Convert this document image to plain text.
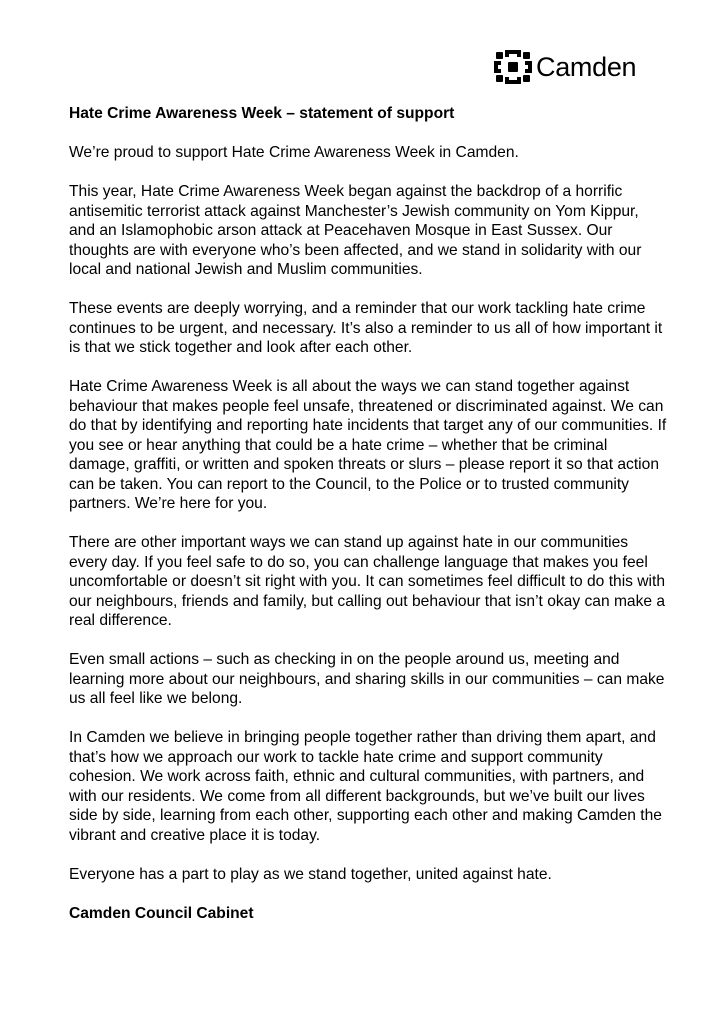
Camden

Hate Crime Awareness Week – statement of support

We’re proud to support Hate Crime Awareness Week in Camden.

This year, Hate Crime Awareness Week began against the backdrop of a horrific antisemitic terrorist attack against Manchester’s Jewish community on Yom Kippur, and an Islamophobic arson attack at Peacehaven Mosque in East Sussex. Our thoughts are with everyone who’s been affected, and we stand in solidarity with our local and national Jewish and Muslim communities.

These events are deeply worrying, and a reminder that our work tackling hate crime continues to be urgent, and necessary. It’s also a reminder to us all of how important it is that we stick together and look after each other.

Hate Crime Awareness Week is all about the ways we can stand together against behaviour that makes people feel unsafe, threatened or discriminated against. We can do that by identifying and reporting hate incidents that target any of our communities. If you see or hear anything that could be a hate crime – whether that be criminal damage, graffiti, or written and spoken threats or slurs – please report it so that action can be taken. You can report to the Council, to the Police or to trusted community partners. We’re here for you.

There are other important ways we can stand up against hate in our communities every day. If you feel safe to do so, you can challenge language that makes you feel uncomfortable or doesn’t sit right with you. It can sometimes feel difficult to do this with our neighbours, friends and family, but calling out behaviour that isn’t okay can make a real difference.

Even small actions – such as checking in on the people around us, meeting and learning more about our neighbours, and sharing skills in our communities – can make us all feel like we belong.

In Camden we believe in bringing people together rather than driving them apart, and that’s how we approach our work to tackle hate crime and support community cohesion. We work across faith, ethnic and cultural communities, with partners, and with our residents. We come from all different backgrounds, but we’ve built our lives side by side, learning from each other, supporting each other and making Camden the vibrant and creative place it is today.

Everyone has a part to play as we stand together, united against hate.

Camden Council Cabinet
